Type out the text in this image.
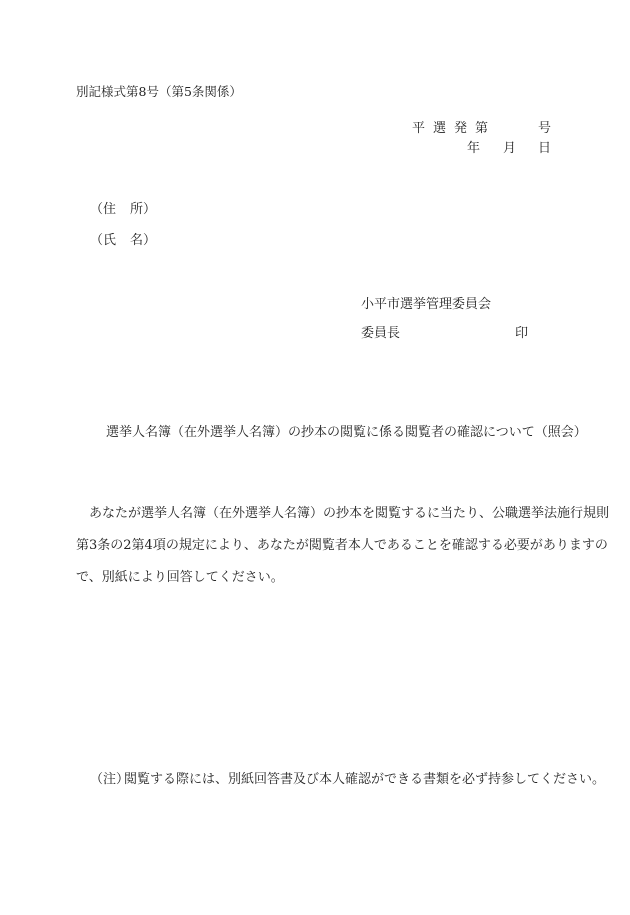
別記様式第8号（第5条関係）
平 選 発 第	号
年 月 日
（住 所）
（氏 名）
小平市選挙管理委員会
委員長	印
選挙人名簿（在外選挙人名簿）の抄本の閲覧に係る閲覧者の確認について（照会）
あなたが選挙人名簿（在外選挙人名簿）の抄本を閲覧するに当たり、公職選挙法施行規則
第3条の2第4項の規定により、あなたが閲覧者本人であることを確認する必要がありますの
で、別紙により回答してください。
（注）
閲覧する際には、別紙回答書及び本人確認ができる書類を必ず持参してください。
